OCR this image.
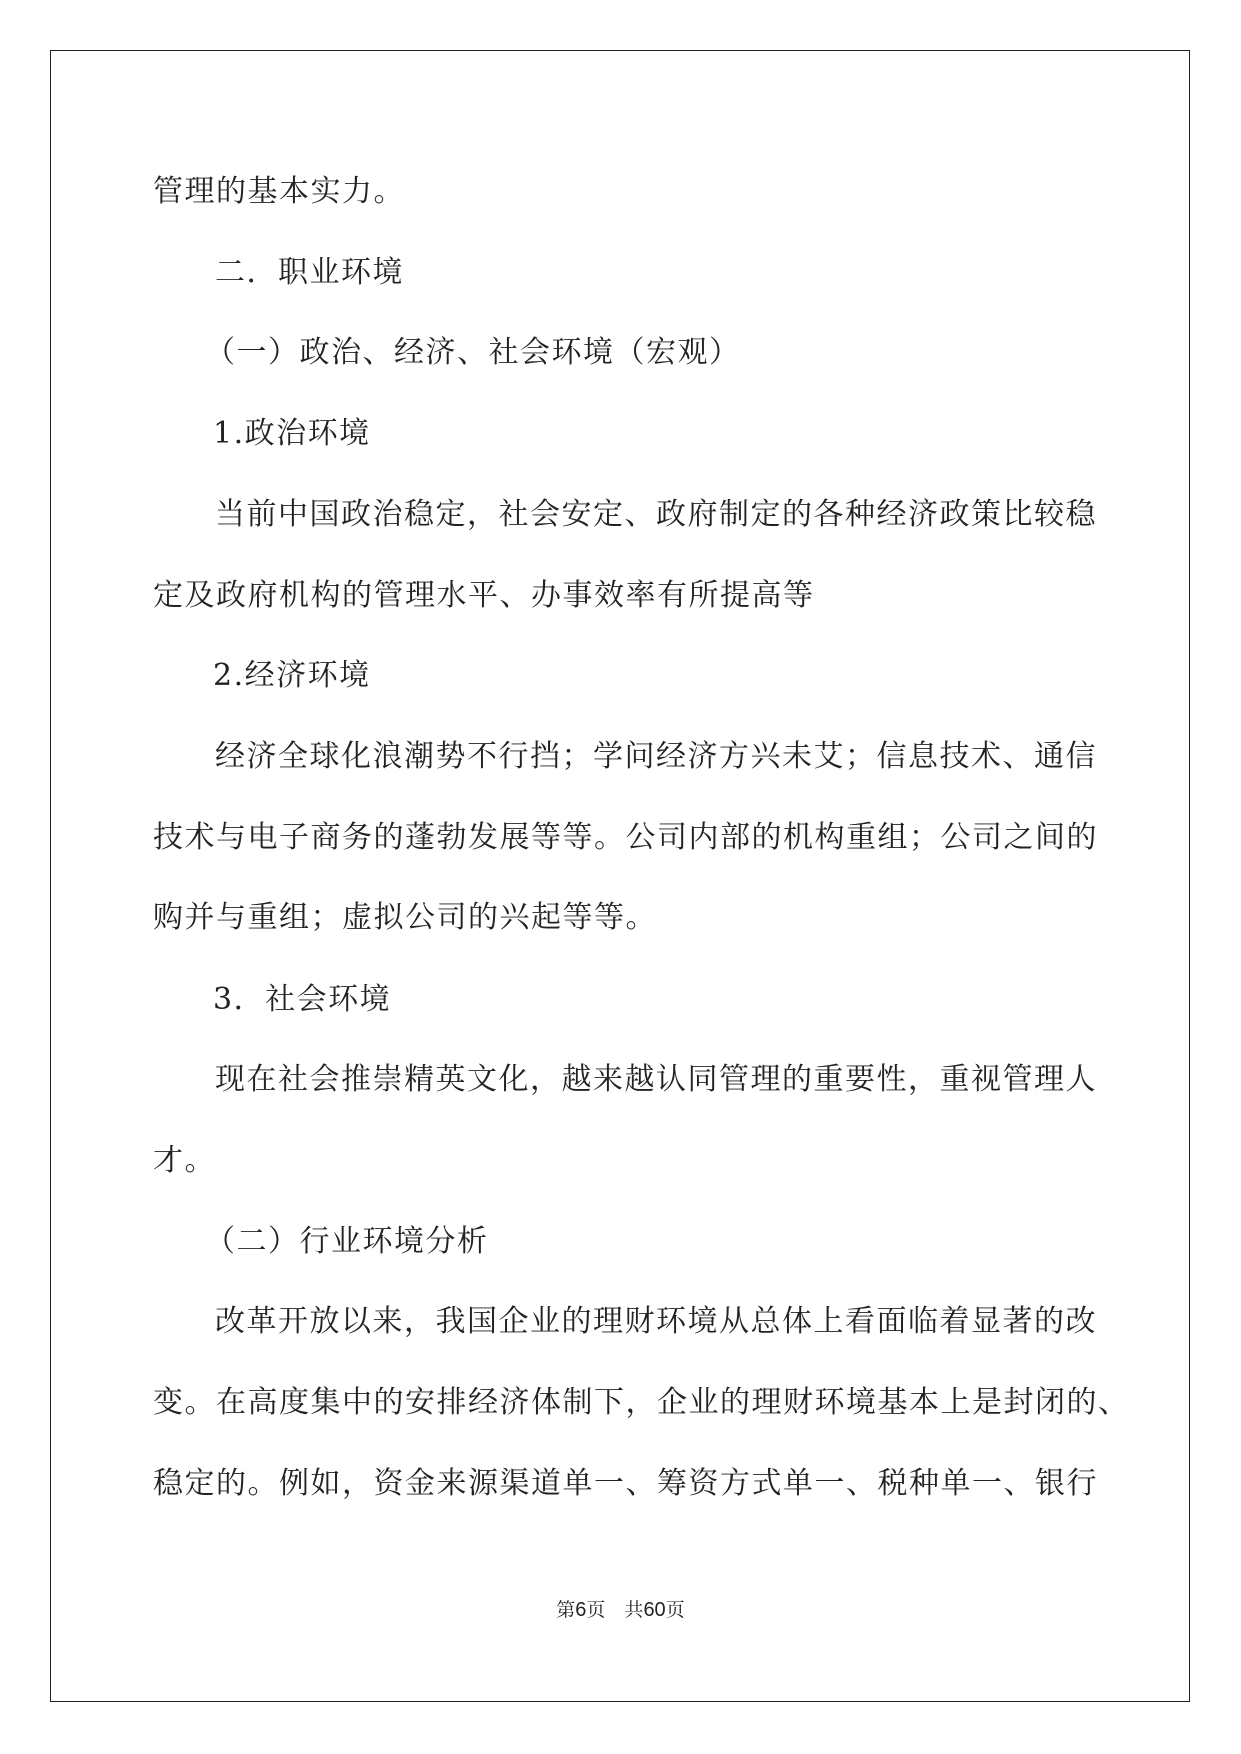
管理的基本实力。

二．职业环境

（一）政治、经济、社会环境（宏观）

1.政治环境

当前中国政治稳定，社会安定、政府制定的各种经济政策比较稳

定及政府机构的管理水平、办事效率有所提高等

2.经济环境

经济全球化浪潮势不行挡；学问经济方兴未艾；信息技术、通信

技术与电子商务的蓬勃发展等等。公司内部的机构重组；公司之间的

购并与重组；虚拟公司的兴起等等。

3．社会环境

现在社会推崇精英文化，越来越认同管理的重要性，重视管理人

才。

（二）行业环境分析

改革开放以来，我国企业的理财环境从总体上看面临着显著的改

变。在高度集中的安排经济体制下，企业的理财环境基本上是封闭的、

稳定的。例如，资金来源渠道单一、筹资方式单一、税种单一、银行

第6页　共60页
